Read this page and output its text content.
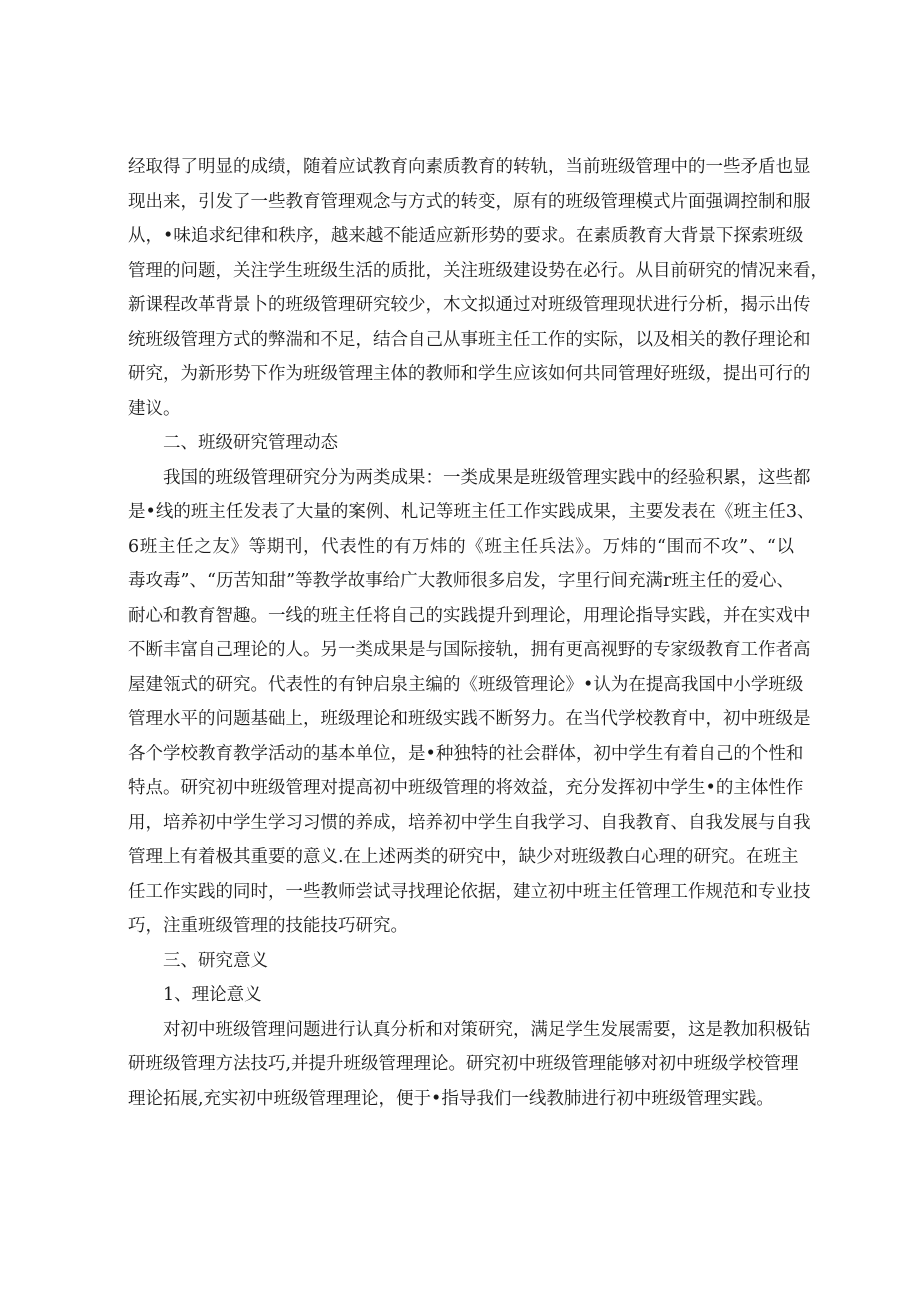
经取得了明显的成绩，随着应试教育向素质教育的转轨，当前班级管理中的一些矛盾也显
现出来，引发了一些教育管理观念与方式的转变，原有的班级管理模式片面强调控制和服
从，•味追求纪律和秩序，越来越不能适应新形势的要求。在素质教育大背景下探索班级
管理的问题，关注学生班级生活的质批，关注班级建设势在必行。从目前研究的情况来看，
新课程改革背景卜的班级管理研究较少，木文拟通过对班级管理现状进行分析，揭示出传
统班级管理方式的弊湍和不足，结合自己从事班主任工作的实际，以及相关的教仔理论和
研究，为新形势下作为班级管理主体的教师和学生应该如何共同管理好班级，提出可行的
建议。
二、班级研究管理动态
我国的班级管理研究分为两类成果：一类成果是班级管理实践中的经验积累，这些都
是•线的班主任发表了大量的案例、札记等班主任工作实践成果，主要发表在《班主任3、
6班主任之友》等期刊，代表性的有万炜的《班主任兵法》。万炜的“围而不攻”、“以
毒攻毒”、“历苦知甜”等教学故事给广大教师很多启发，字里行间充满r班主任的爱心、
耐心和教育智趣。一线的班主任将自己的实践提升到理论，用理论指导实践，并在实戏中
不断丰富自己理论的人。另一类成果是与国际接轨，拥有更高视野的专家级教育工作者高
屋建瓴式的研究。代表性的有钟启泉主编的《班级管理论》•认为在提高我国中小学班级
管理水平的问题基础上，班级理论和班级实践不断努力。在当代学校教育中，初中班级是
各个学校教育教学活动的基本单位，是•种独特的社会群体，初中学生有着自己的个性和
特点。研究初中班级管理对提高初中班级管理的将效益，充分发挥初中学生•的主体性作
用，培养初中学生学习习惯的养成，培养初中学生自我学习、自我教育、自我发展与自我
管理上有着极其重要的意义.在上述两类的研究中，缺少对班级教白心理的研究。在班主
任工作实践的同时，一些教师尝试寻找理论依据，建立初中班主任管理工作规范和专业技
巧，注重班级管理的技能技巧研究。
三、研究意义
1、理论意义
对初中班级管理问题进行认真分析和对策研究，满足学生发展需要，这是教加积极钻
研班级管理方法技巧,并提升班级管理理论。研究初中班级管理能够对初中班级学校管理
理论拓展,充实初中班级管理理论，便于•指导我们一线教肺进行初中班级管理实践。
